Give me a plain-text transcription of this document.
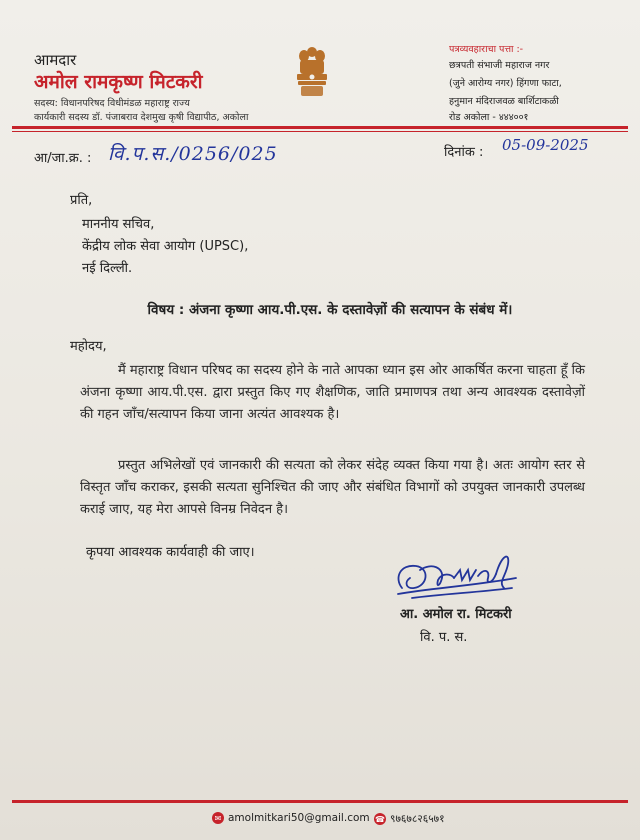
आमदार
अमोल रामकृष्ण मिटकरी
सदस्य: विधानपरिषद विधीमंडळ महाराष्ट्र राज्य
कार्यकारी सदस्य डॉ. पंजाबराव देशमुख कृषी विद्यापीठ, अकोला
पत्रव्यवहाराचा पत्ता :-
छत्रपती संभाजी महाराज नगर
(जुने आरोग्य नगर) हिंगणा फाटा,
हनुमान मंदिराजवळ बार्शिटाकळी
रोड अकोला - ४४४००१
आ/जा.क्र. : वि.प.स./0256/025	दिनांक : 05-09-2025
प्रति,
माननीय सचिव,
केंद्रीय लोक सेवा आयोग (UPSC),
नई दिल्ली.
विषय : अंजना कृष्णा आय.पी.एस. के दस्तावेज़ों की सत्यापन के संबंध में।
महोदय,
मैं महाराष्ट्र विधान परिषद का सदस्य होने के नाते आपका ध्यान इस ओर आकर्षित करना चाहता हूँ कि अंजना कृष्णा आय.पी.एस. द्वारा प्रस्तुत किए गए शैक्षणिक, जाति प्रमाणपत्र तथा अन्य आवश्यक दस्तावेज़ों की गहन जाँच/सत्यापन किया जाना अत्यंत आवश्यक है।
प्रस्तुत अभिलेखों एवं जानकारी की सत्यता को लेकर संदेह व्यक्त किया गया है। अतः आयोग स्तर से विस्तृत जाँच कराकर, इसकी सत्यता सुनिश्चित की जाए और संबंधित विभागों को उपयुक्त जानकारी उपलब्ध कराई जाए, यह मेरा आपसे विनम्र निवेदन है।
कृपया आवश्यक कार्यवाही की जाए।
आ. अमोल रा. मिटकरी
वि. प. स.
✉ amolmitkari50@gmail.com ☎ ९७६७८२६५७१
